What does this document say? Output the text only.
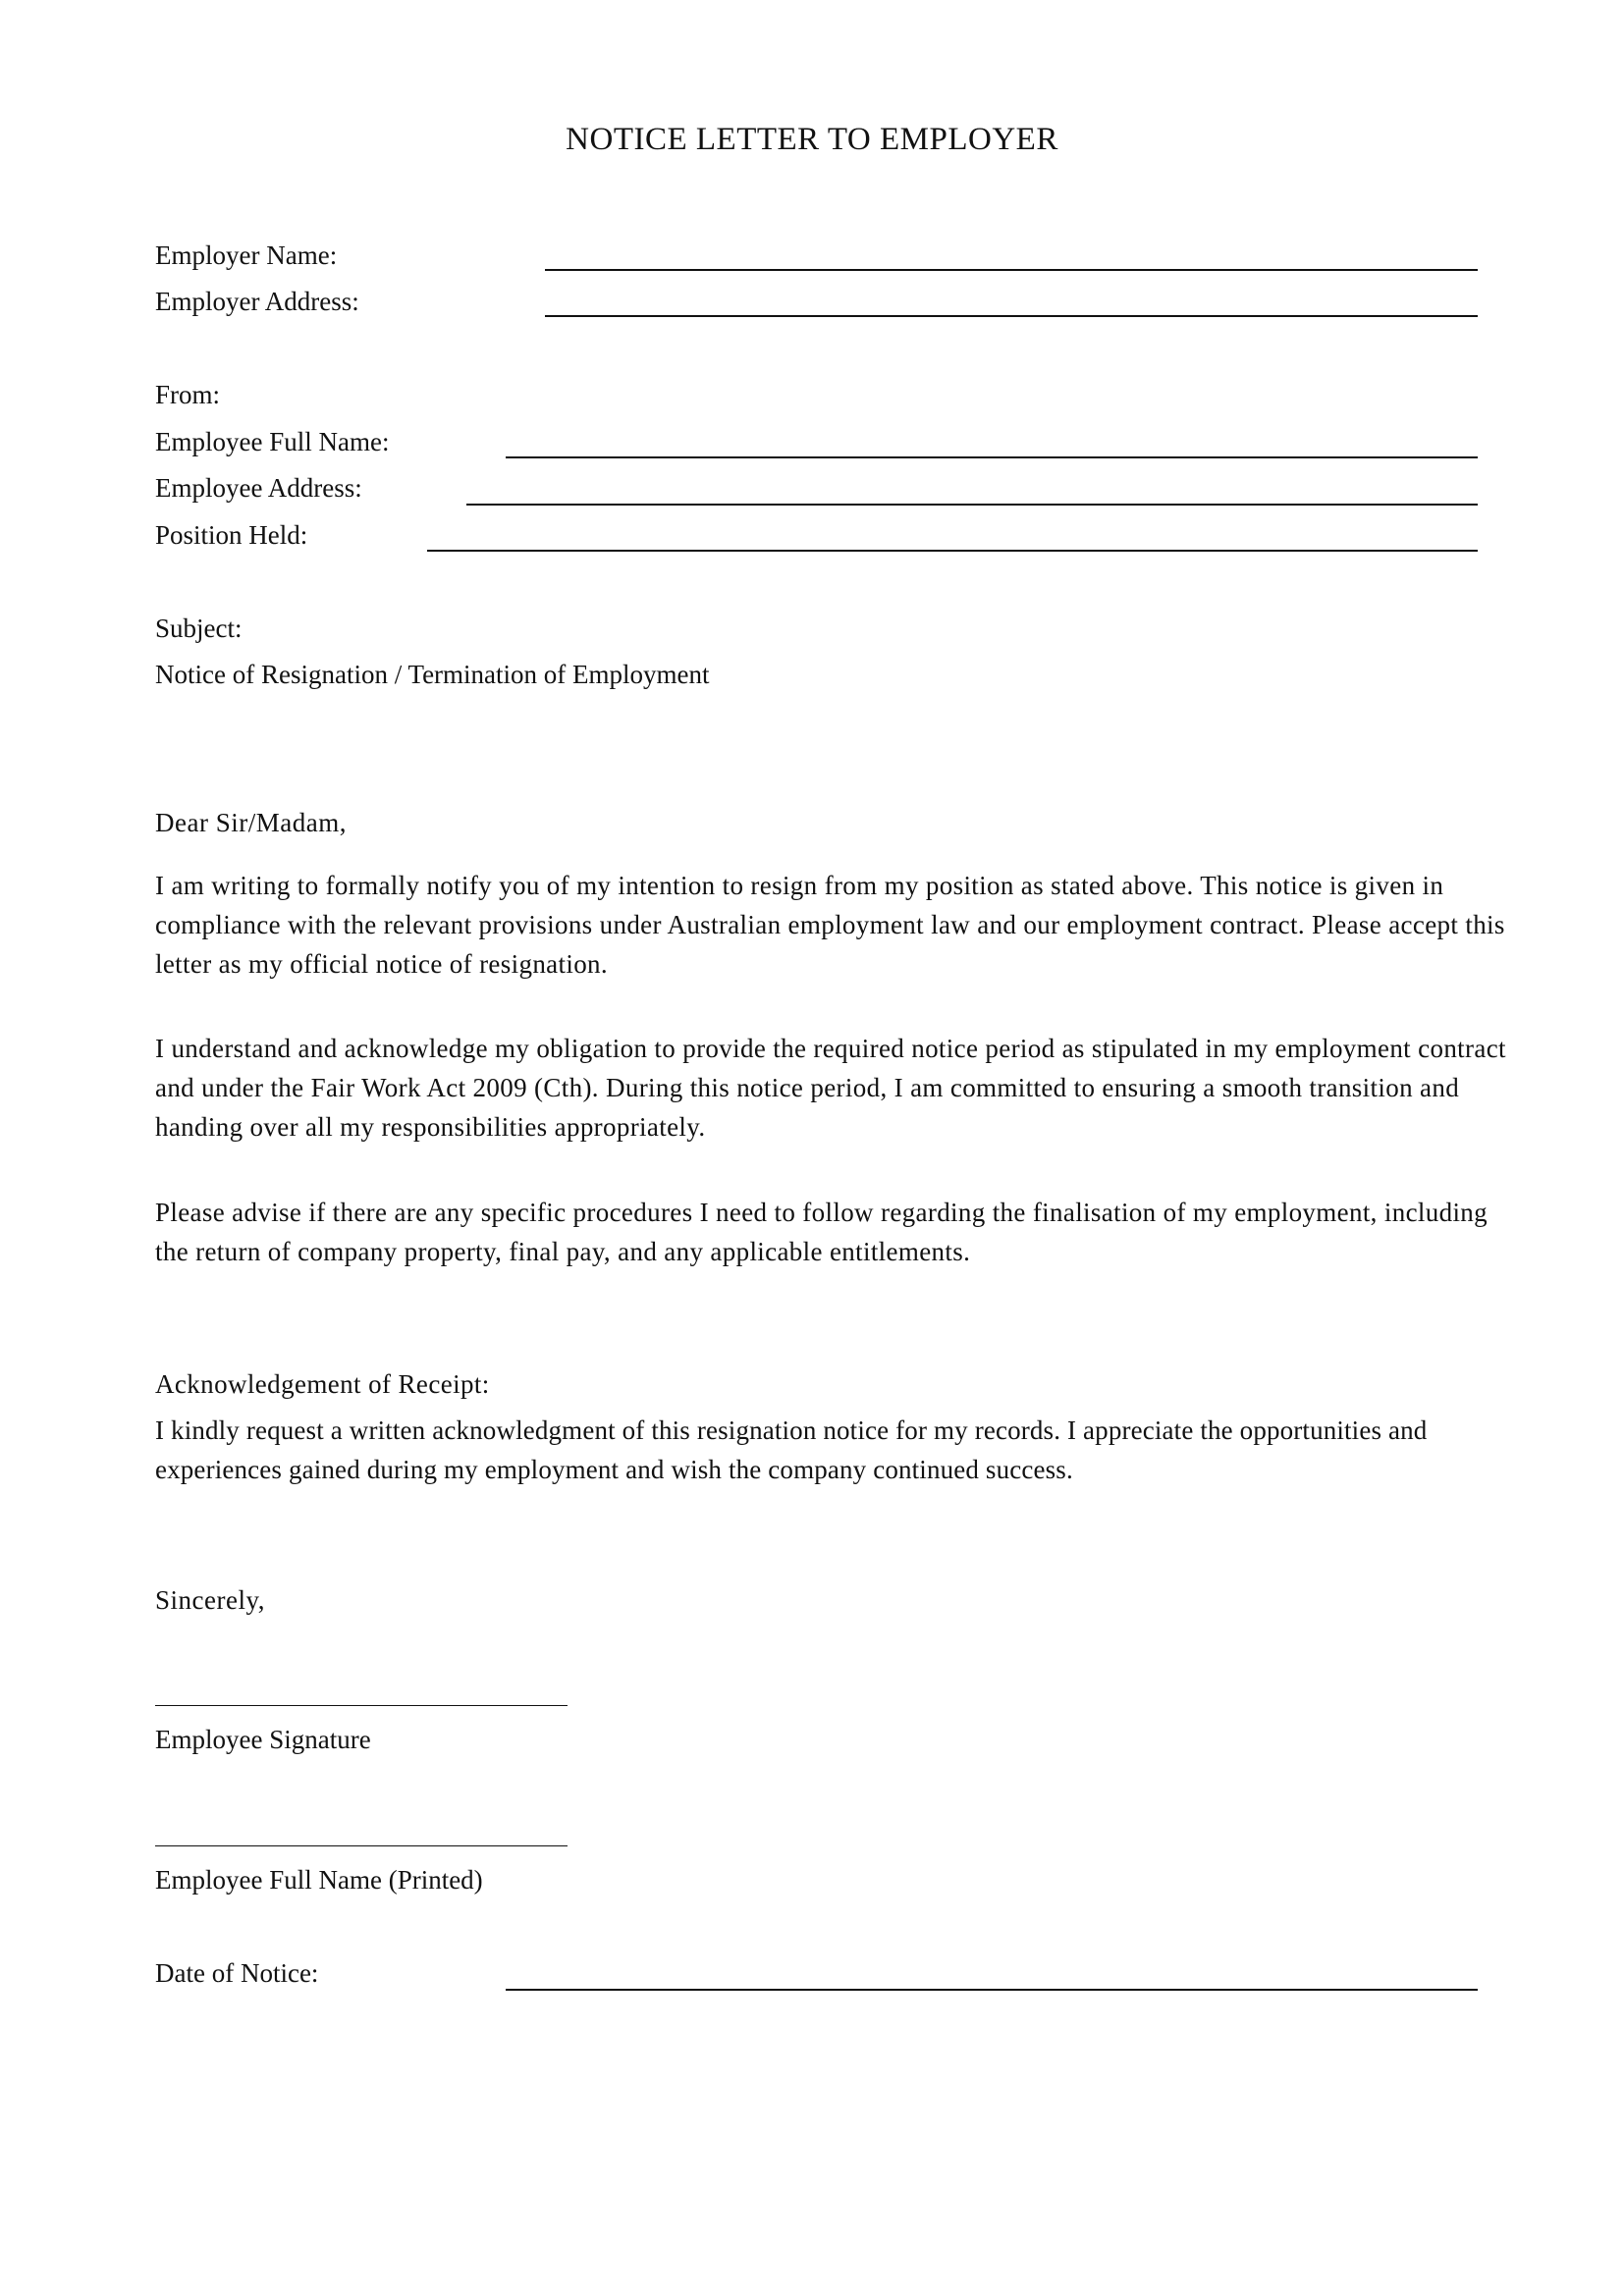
NOTICE LETTER TO EMPLOYER
Employer Name:
Employer Address:
From:
Employee Full Name:
Employee Address:
Position Held:
Subject:
Notice of Resignation / Termination of Employment
Dear Sir/Madam,
I am writing to formally notify you of my intention to resign from my position as stated above. This notice is given in compliance with the relevant provisions under Australian employment law and our employment contract. Please accept this letter as my official notice of resignation.
I understand and acknowledge my obligation to provide the required notice period as stipulated in my employment contract and under the Fair Work Act 2009 (Cth). During this notice period, I am committed to ensuring a smooth transition and handing over all my responsibilities appropriately.
Please advise if there are any specific procedures I need to follow regarding the finalisation of my employment, including the return of company property, final pay, and any applicable entitlements.
Acknowledgement of Receipt:
I kindly request a written acknowledgment of this resignation notice for my records. I appreciate the opportunities and experiences gained during my employment and wish the company continued success.
Sincerely,
Employee Signature
Employee Full Name (Printed)
Date of Notice:
